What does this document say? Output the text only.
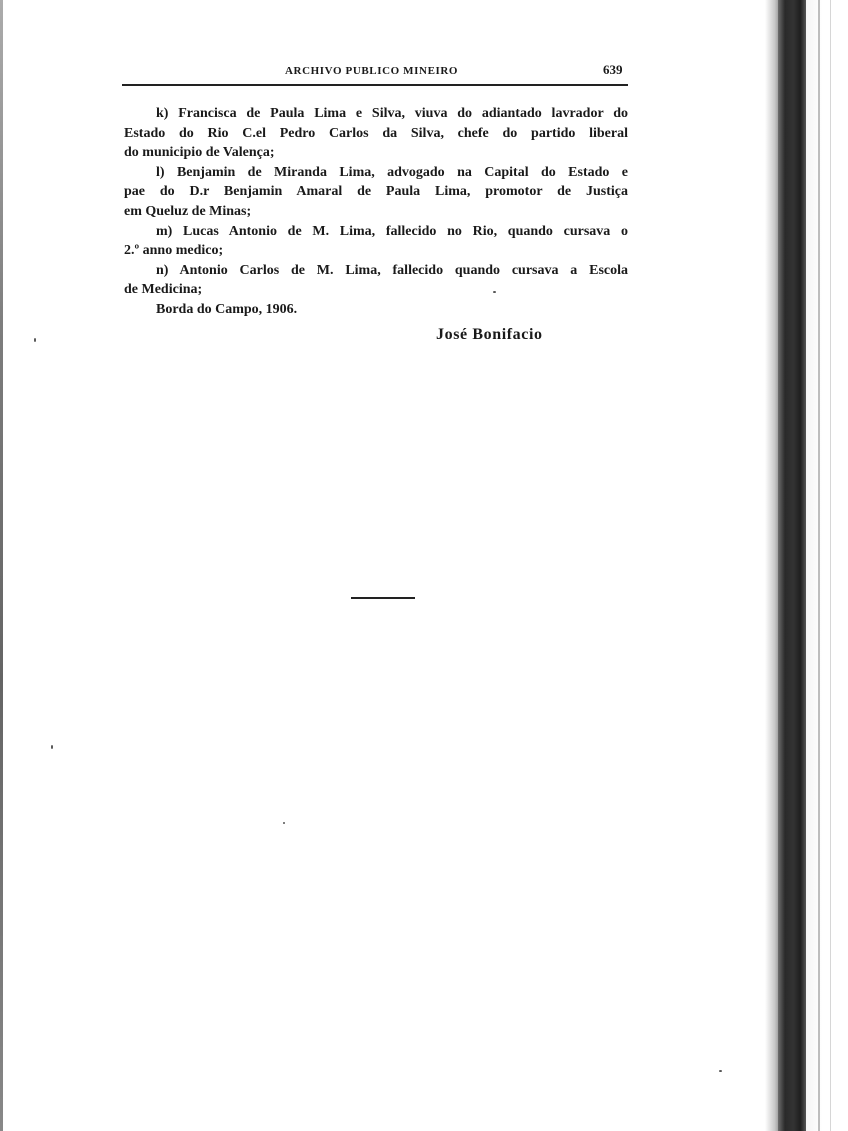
ARCHIVO PUBLICO MINEIRO	639

k) Francisca de Paula Lima e Silva, viuva do adiantado lavrador do
Estado do Rio C.el Pedro Carlos da Silva, chefe do partido liberal
do municipio de Valença;

l) Benjamin de Miranda Lima, advogado na Capital do Estado e
pae do D.r Benjamin Amaral de Paula Lima, promotor de Justiça
em Queluz de Minas;

m) Lucas Antonio de M. Lima, fallecido no Rio, quando cursava o
2.º anno medico;

n) Antonio Carlos de M. Lima, fallecido quando cursava a Escola
de Medicina;

Borda do Campo, 1906.

José Bonifacio
